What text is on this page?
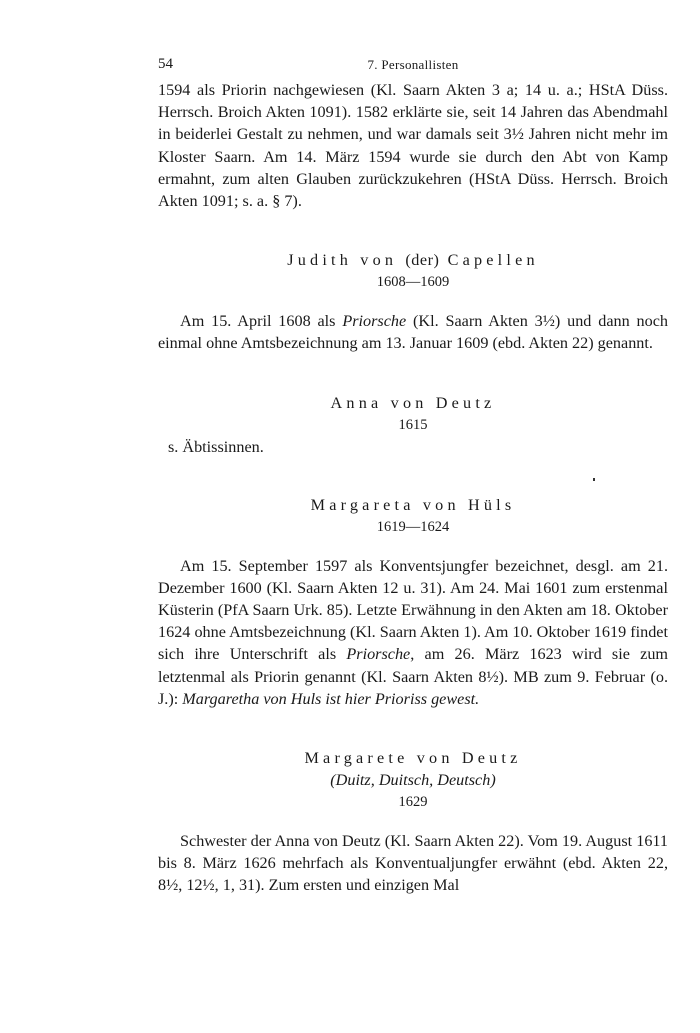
54	7. Personallisten

1594 als Priorin nachgewiesen (Kl. Saarn Akten 3 a; 14 u. a.; HStA Düss. Herrsch. Broich Akten 1091). 1582 erklärte sie, seit 14 Jahren das Abendmahl in beiderlei Gestalt zu nehmen, und war damals seit 3½ Jahren nicht mehr im Kloster Saarn. Am 14. März 1594 wurde sie durch den Abt von Kamp ermahnt, zum alten Glauben zurückzukehren (HStA Düss. Herrsch. Broich Akten 1091; s. a. § 7).

Judith von (der) Capellen
1608—1609

Am 15. April 1608 als Priorsche (Kl. Saarn Akten 3½) und dann noch einmal ohne Amtsbezeichnung am 13. Januar 1609 (ebd. Akten 22) genannt.

Anna von Deutz
1615

s. Äbtissinnen.

Margareta von Hüls
1619—1624

Am 15. September 1597 als Konventsjungfer bezeichnet, desgl. am 21. Dezember 1600 (Kl. Saarn Akten 12 u. 31). Am 24. Mai 1601 zum erstenmal Küsterin (PfA Saarn Urk. 85). Letzte Erwähnung in den Akten am 18. Oktober 1624 ohne Amtsbezeichnung (Kl. Saarn Akten 1). Am 10. Oktober 1619 findet sich ihre Unterschrift als Priorsche, am 26. März 1623 wird sie zum letztenmal als Priorin genannt (Kl. Saarn Akten 8½). MB zum 9. Februar (o. J.): Margaretha von Huls ist hier Prioriss gewest.

Margarete von Deutz
(Duitz, Duitsch, Deutsch)
1629

Schwester der Anna von Deutz (Kl. Saarn Akten 22). Vom 19. August 1611 bis 8. März 1626 mehrfach als Konventualjungfer erwähnt (ebd. Akten 22, 8½, 12½, 1, 31). Zum ersten und einzigen Mal
